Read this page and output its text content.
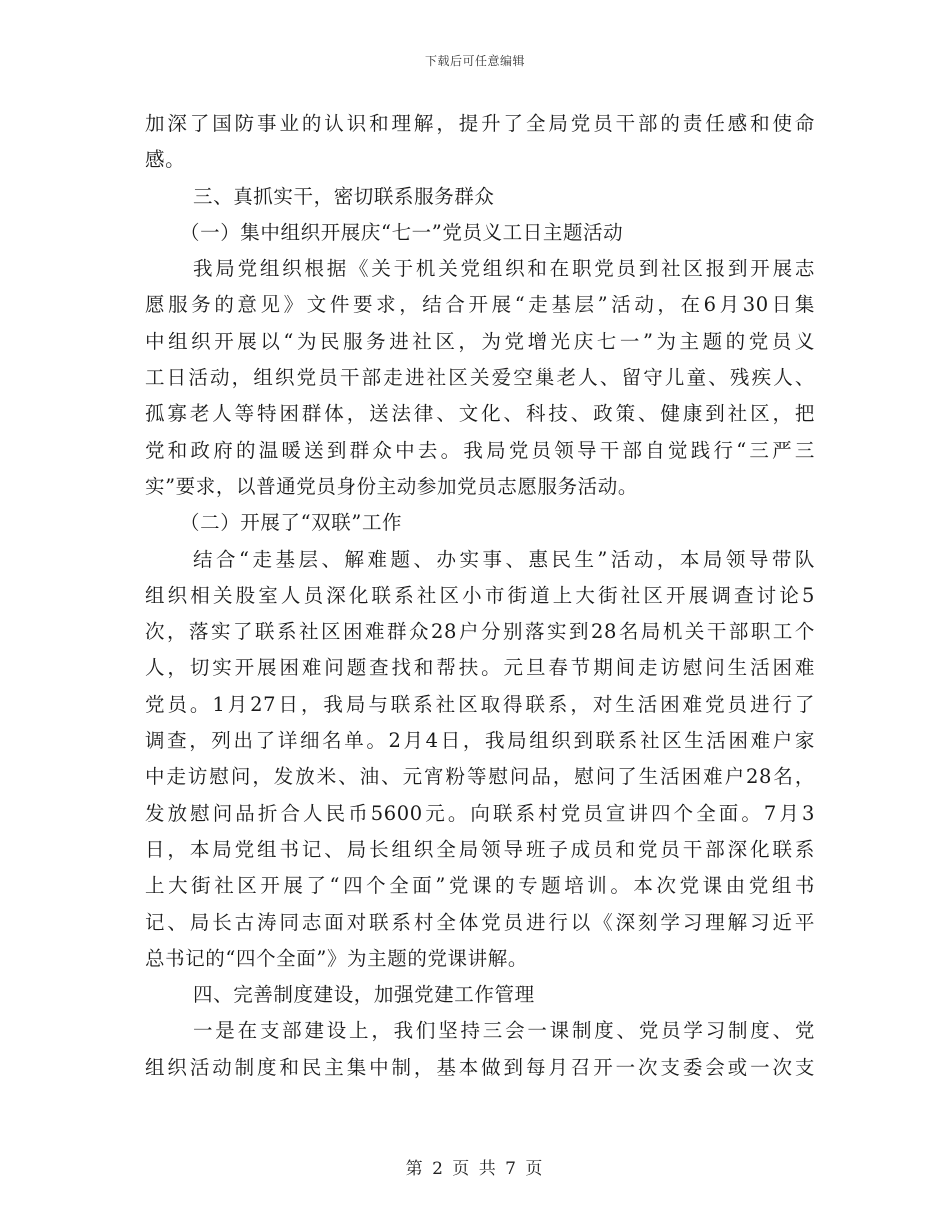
下载后可任意编辑
加深了国防事业的认识和理解，提升了全局党员干部的责任感和使命
感。
三、真抓实干，密切联系服务群众
（一）集中组织开展庆“七一”党员义工日主题活动
我局党组织根据《关于机关党组织和在职党员到社区报到开展志
愿服务的意见》文件要求，结合开展“走基层”活动，在6月30日集
中组织开展以“为民服务进社区，为党增光庆七一”为主题的党员义
工日活动，组织党员干部走进社区关爱空巢老人、留守儿童、残疾人、
孤寡老人等特困群体，送法律、文化、科技、政策、健康到社区，把
党和政府的温暖送到群众中去。我局党员领导干部自觉践行“三严三
实”要求，以普通党员身份主动参加党员志愿服务活动。
（二）开展了“双联”工作
结合“走基层、解难题、办实事、惠民生”活动，本局领导带队
组织相关股室人员深化联系社区小市街道上大街社区开展调查讨论5
次，落实了联系社区困难群众28户分别落实到28名局机关干部职工个
人，切实开展困难问题查找和帮扶。元旦春节期间走访慰问生活困难
党员。1月27日，我局与联系社区取得联系，对生活困难党员进行了
调查，列出了详细名单。2月4日，我局组织到联系社区生活困难户家
中走访慰问，发放米、油、元宵粉等慰问品，慰问了生活困难户28名，
发放慰问品折合人民币5600元。向联系村党员宣讲四个全面。7月3
日，本局党组书记、局长组织全局领导班子成员和党员干部深化联系
上大街社区开展了“四个全面”党课的专题培训。本次党课由党组书
记、局长古涛同志面对联系村全体党员进行以《深刻学习理解习近平
总书记的“四个全面”》为主题的党课讲解。
四、完善制度建设，加强党建工作管理
一是在支部建设上，我们坚持三会一课制度、党员学习制度、党
组织活动制度和民主集中制，基本做到每月召开一次支委会或一次支
第 2 页 共 7 页
